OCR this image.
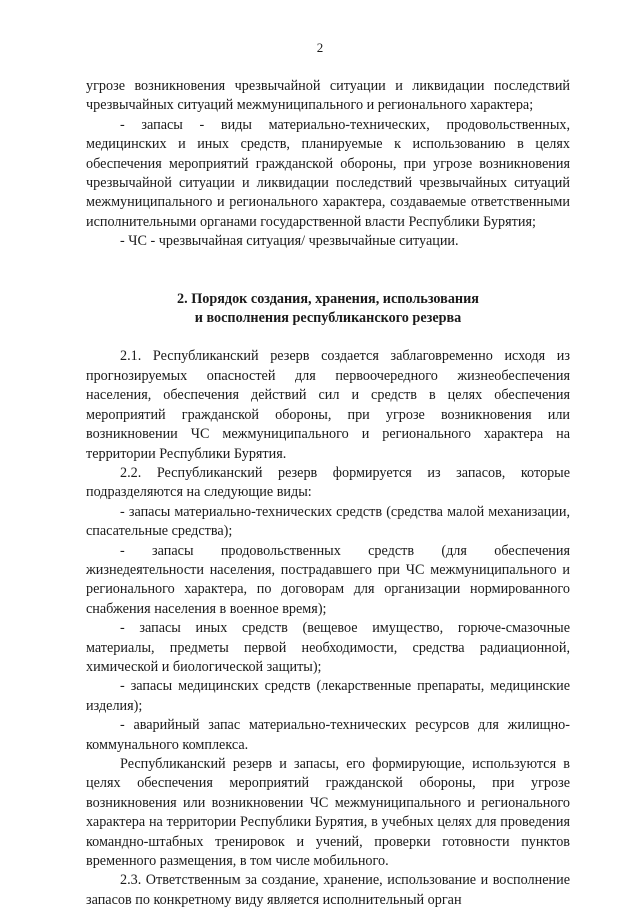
2

угрозе возникновения чрезвычайной ситуации и ликвидации последствий чрезвычайных ситуаций межмуниципального и регионального характера;

- запасы - виды материально-технических, продовольственных, медицинских и иных средств, планируемые к использованию в целях обеспечения мероприятий гражданской обороны, при угрозе возникновения чрезвычайной ситуации и ликвидации последствий чрезвычайных ситуаций межмуниципального и регионального характера, создаваемые ответственными исполнительными органами государственной власти Республики Бурятия;

- ЧС - чрезвычайная ситуация/ чрезвычайные ситуации.

2. Порядок создания, хранения, использования
и восполнения республиканского резерва

2.1. Республиканский резерв создается заблаговременно исходя из прогнозируемых опасностей для первоочередного жизнеобеспечения населения, обеспечения действий сил и средств в целях обеспечения мероприятий гражданской обороны, при угрозе возникновения или возникновении ЧС межмуниципального и регионального характера на территории Республики Бурятия.

2.2. Республиканский резерв формируется из запасов, которые подразделяются на следующие виды:

- запасы материально-технических средств (средства малой механизации, спасательные средства);

- запасы продовольственных средств (для обеспечения жизнедеятельности населения, пострадавшего при ЧС межмуниципального и регионального характера, по договорам для организации нормированного снабжения населения в военное время);

- запасы иных средств (вещевое имущество, горюче-смазочные материалы, предметы первой необходимости, средства радиационной, химической и биологической защиты);

- запасы медицинских средств (лекарственные препараты, медицинские изделия);

- аварийный запас материально-технических ресурсов для жилищно-коммунального комплекса.

Республиканский резерв и запасы, его формирующие, используются в целях обеспечения мероприятий гражданской обороны, при угрозе возникновения или возникновении ЧС межмуниципального и регионального характера на территории Республики Бурятия, в учебных целях для проведения командно-штабных тренировок и учений, проверки готовности пунктов временного размещения, в том числе мобильного.

2.3. Ответственным за создание, хранение, использование и восполнение запасов по конкретному виду является исполнительный орган
